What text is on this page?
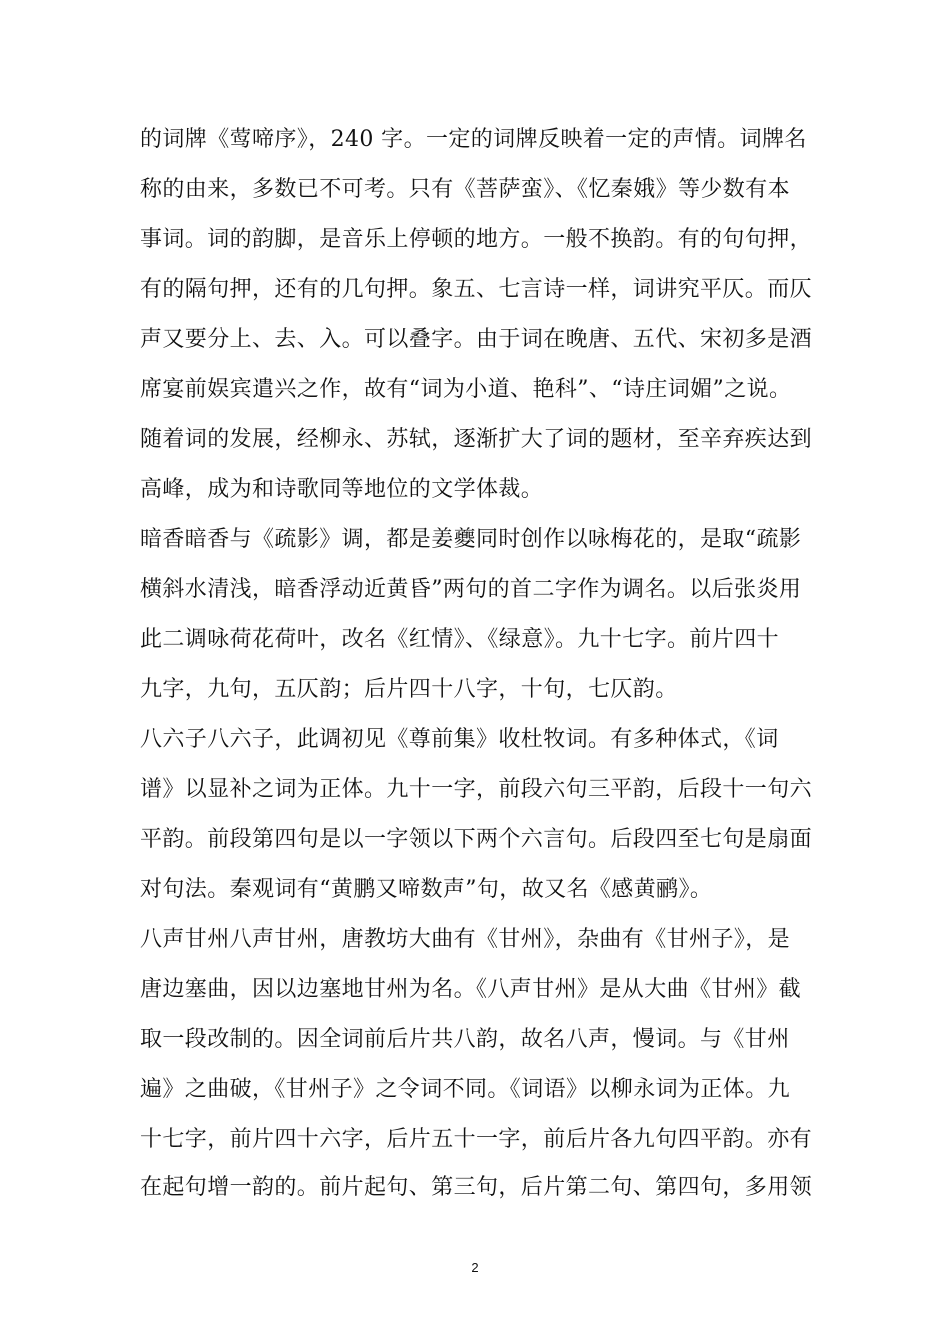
的词牌《莺啼序》，240 字。一定的词牌反映着一定的声情。词牌名
称的由来，多数已不可考。只有《菩萨蛮》、《忆秦娥》等少数有本
事词。词的韵脚，是音乐上停顿的地方。一般不换韵。有的句句押，
有的隔句押，还有的几句押。象五、七言诗一样，词讲究平仄。而仄
声又要分上、去、入。可以叠字。由于词在晚唐、五代、宋初多是酒
席宴前娱宾遣兴之作，故有“词为小道、艳科”、“诗庄词媚”之说。
随着词的发展，经柳永、苏轼，逐渐扩大了词的题材，至辛弃疾达到
高峰，成为和诗歌同等地位的文学体裁。
暗香暗香与《疏影》调，都是姜夔同时创作以咏梅花的，是取“疏影
横斜水清浅，暗香浮动近黄昏”两句的首二字作为调名。以后张炎用
此二调咏荷花荷叶，改名《红情》、《绿意》。九十七字。前片四十
九字，九句，五仄韵；后片四十八字，十句，七仄韵。
八六子八六子，此调初见《尊前集》收杜牧词。有多种体式，《词
谱》以显补之词为正体。九十一字，前段六句三平韵，后段十一句六
平韵。前段第四句是以一字领以下两个六言句。后段四至七句是扇面
对句法。秦观词有“黄鹏又啼数声”句，故又名《感黄鹂》。
八声甘州八声甘州，唐教坊大曲有《甘州》，杂曲有《甘州子》，是
唐边塞曲，因以边塞地甘州为名。《八声甘州》是从大曲《甘州》截
取一段改制的。因全词前后片共八韵，故名八声，慢词。与《甘州
遍》之曲破，《甘州子》之令词不同。《词语》以柳永词为正体。九
十七字，前片四十六字，后片五十一字，前后片各九句四平韵。亦有
在起句增一韵的。前片起句、第三句，后片第二句、第四句，多用领
2
